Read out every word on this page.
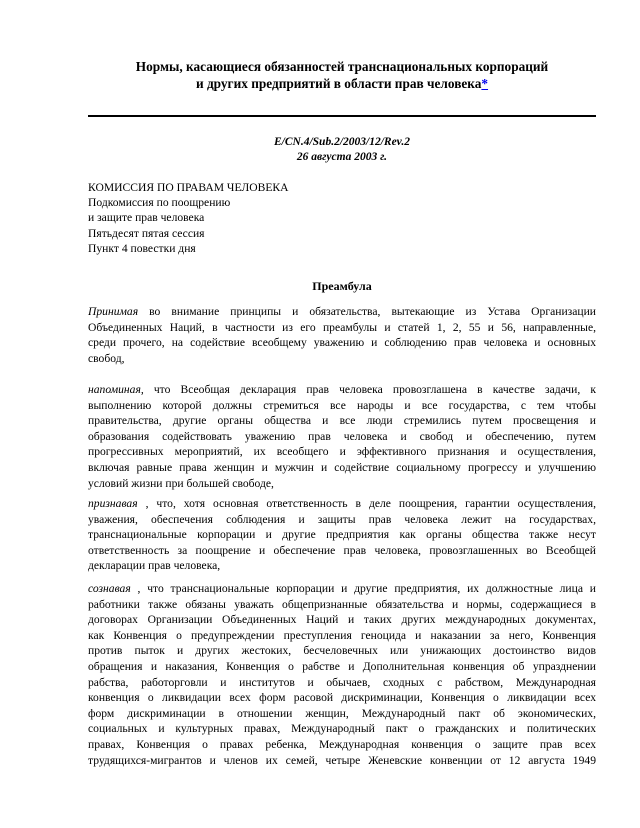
Нормы, касающиеся обязанностей транснациональных корпораций
и других предприятий в области прав человека*
E/CN.4/Sub.2/2003/12/Rev.2
26 августа 2003 г.
КОМИССИЯ ПО ПРАВАМ ЧЕЛОВЕКА
Подкомиссия по поощрению
и защите прав человека
Пятьдесят пятая сессия
Пункт 4 повестки дня
Преамбула
Принимая во внимание принципы и обязательства, вытекающие из Устава Организации
Объединенных Наций, в частности из его преамбулы и статей 1, 2, 55 и 56, направленные,
среди прочего, на содействие всеобщему уважению и соблюдению прав человека и основных
свобод,
напоминая, что Всеобщая декларация прав человека провозглашена в качестве задачи, к
выполнению которой должны стремиться все народы и все государства, с тем чтобы
правительства, другие органы общества и все люди стремились путем просвещения и
образования содействовать уважению прав человека и свобод и обеспечению, путем
прогрессивных мероприятий, их всеобщего и эффективного признания и осуществления,
включая равные права женщин и мужчин и содействие социальному прогрессу и улучшению
условий жизни при большей свободе,
признавая , что, хотя основная ответственность в деле поощрения, гарантии осуществления,
уважения, обеспечения соблюдения и защиты прав человека лежит на государствах,
транснациональные корпорации и другие предприятия как органы общества также несут
ответственность за поощрение и обеспечение прав человека, провозглашенных во Всеобщей
декларации прав человека,
сознавая , что транснациональные корпорации и другие предприятия, их должностные лица и
работники также обязаны уважать общепризнанные обязательства и нормы, содержащиеся в
договорах Организации Объединенных Наций и таких других международных документах,
как Конвенция о предупреждении преступления геноцида и наказании за него, Конвенция
против пыток и других жестоких, бесчеловечных или унижающих достоинство видов
обращения и наказания, Конвенция о рабстве и Дополнительная конвенция об упразднении
рабства, работорговли и институтов и обычаев, сходных с рабством, Международная
конвенция о ликвидации всех форм расовой дискриминации, Конвенция о ликвидации всех
форм дискриминации в отношении женщин, Международный пакт об экономических,
социальных и культурных правах, Международный пакт о гражданских и политических
правах, Конвенция о правах ребенка, Международная конвенция о защите прав всех
трудящихся-мигрантов и членов их семей, четыре Женевские конвенции от 12 августа 1949
